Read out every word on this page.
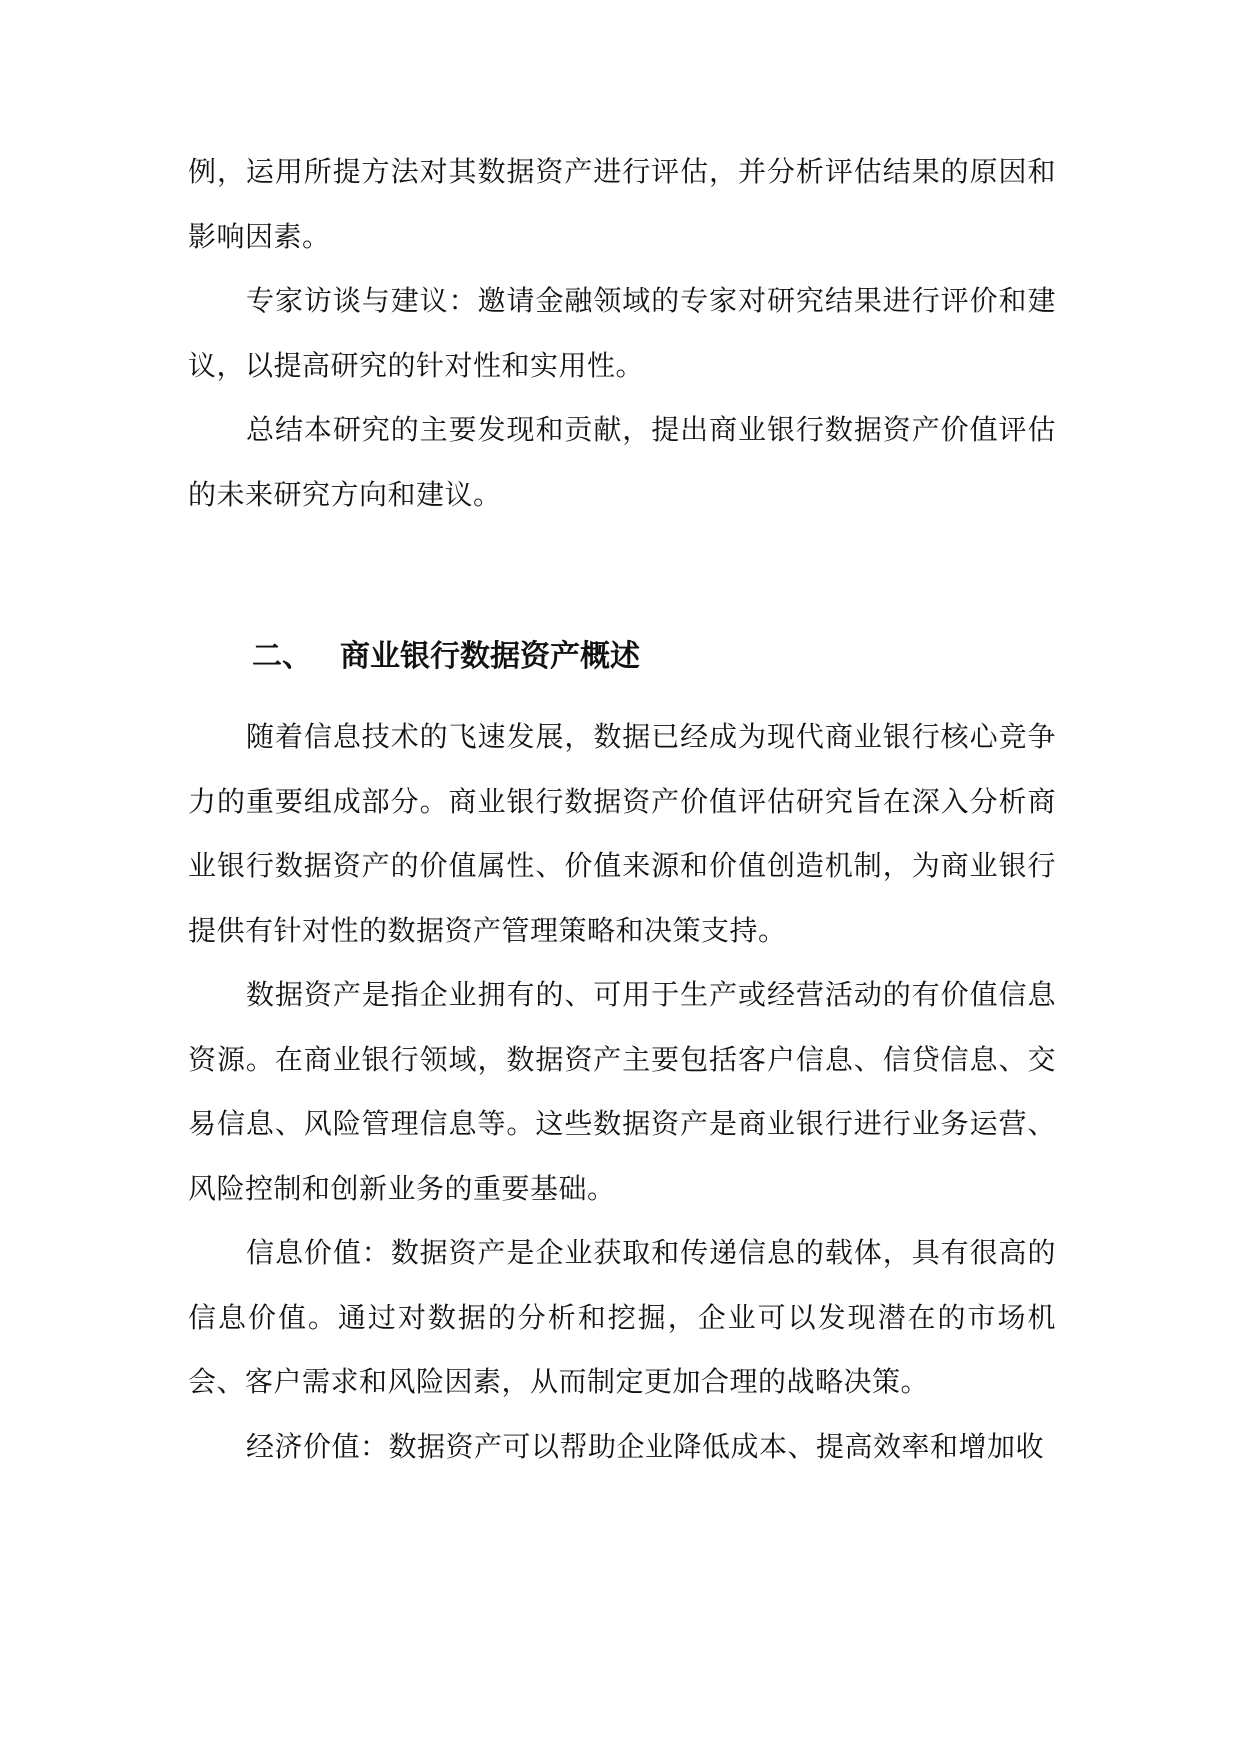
例，运用所提方法对其数据资产进行评估，并分析评估结果的原因和影响因素。

专家访谈与建议：邀请金融领域的专家对研究结果进行评价和建议，以提高研究的针对性和实用性。

总结本研究的主要发现和贡献，提出商业银行数据资产价值评估的未来研究方向和建议。

二、 商业银行数据资产概述

随着信息技术的飞速发展，数据已经成为现代商业银行核心竞争力的重要组成部分。商业银行数据资产价值评估研究旨在深入分析商业银行数据资产的价值属性、价值来源和价值创造机制，为商业银行提供有针对性的数据资产管理策略和决策支持。

数据资产是指企业拥有的、可用于生产或经营活动的有价值信息资源。在商业银行领域，数据资产主要包括客户信息、信贷信息、交易信息、风险管理信息等。这些数据资产是商业银行进行业务运营、风险控制和创新业务的重要基础。

信息价值：数据资产是企业获取和传递信息的载体，具有很高的信息价值。通过对数据的分析和挖掘，企业可以发现潜在的市场机会、客户需求和风险因素，从而制定更加合理的战略决策。

经济价值：数据资产可以帮助企业降低成本、提高效率和增加收
